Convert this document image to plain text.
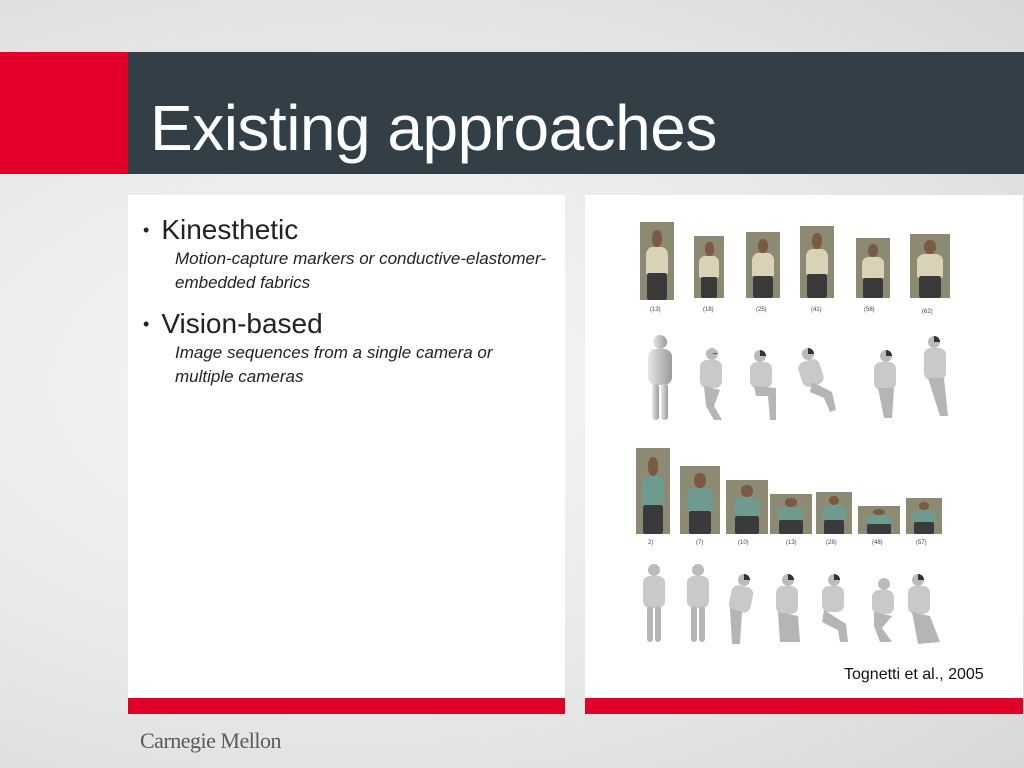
Existing approaches
• Kinesthetic
Motion-capture markers or conductive-elastomer-embedded fabrics
• Vision-based
Image sequences from a single camera or multiple cameras
(13)	(18)	(25)	(41)	(58)	(62)
2)	(7)	(10)	(13)	(28)	(48)	(57)
Tognetti et al., 2005
Carnegie Mellon
